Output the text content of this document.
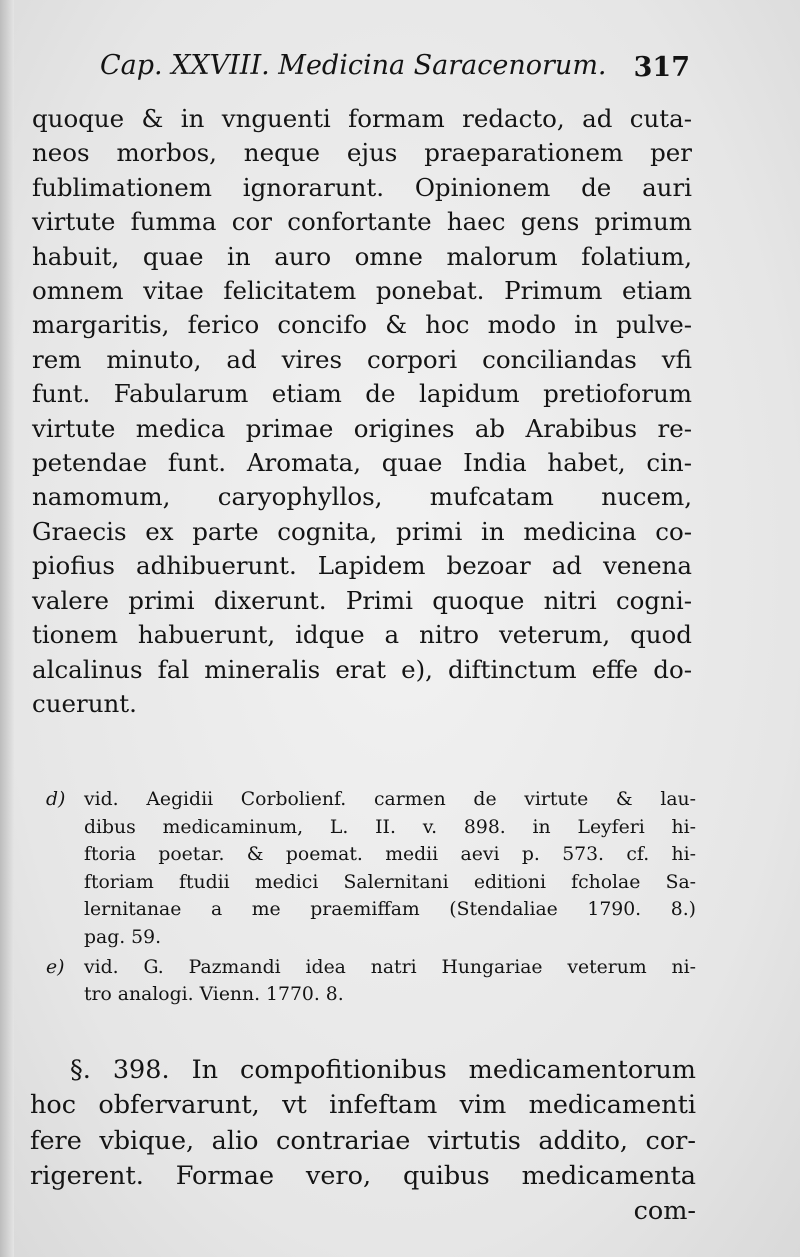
Cap. XXVIII. Medicina Saracenorum. 317
quoque & in vnguenti formam redacto, ad cuta-
neos morbos, neque ejus praeparationem per
fublimationem ignorarunt. Opinionem de auri
virtute fumma cor confortante haec gens primum
habuit, quae in auro omne malorum folatium,
omnem vitae felicitatem ponebat. Primum etiam
margaritis, ferico concifo & hoc modo in pulve-
rem minuto, ad vires corpori conciliandas vfi
funt. Fabularum etiam de lapidum pretioforum
virtute medica primae origines ab Arabibus re-
petendae funt. Aromata, quae India habet, cin-
namomum, caryophyllos, mufcatam nucem,
Graecis ex parte cognita, primi in medicina co-
piofius adhibuerunt. Lapidem bezoar ad venena
valere primi dixerunt. Primi quoque nitri cogni-
tionem habuerunt, idque a nitro veterum, quod
alcalinus fal mineralis erat e), diftinctum effe do-
cuerunt.
d) vid. Aegidii Corbolienf. carmen de virtute & lau-
dibus medicaminum, L. II. v. 898. in Leyferi hi-
ftoria poetar. & poemat. medii aevi p. 573. cf. hi-
ftoriam ftudii medici Salernitani editioni fcholae Sa-
lernitanae a me praemiffam (Stendaliae 1790. 8.)
pag. 59.
e) vid. G. Pazmandi idea natri Hungariae veterum ni-
tro analogi. Vienn. 1770. 8.
§. 398. In compofitionibus medicamentorum
hoc obfervarunt, vt infeftam vim medicamenti
fere vbique, alio contrariae virtutis addito, cor-
rigerent. Formae vero, quibus medicamenta
com-
